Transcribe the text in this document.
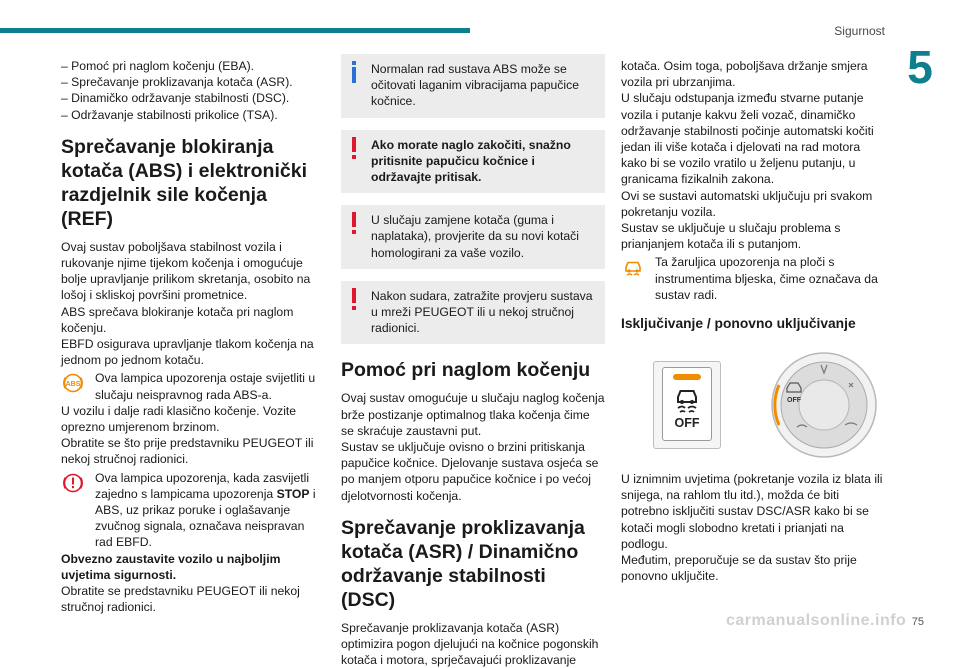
Sigurnost
5
– Pomoć pri naglom kočenju (EBA).
– Sprečavanje proklizavanja kotača (ASR).
– Dinamičko održavanje stabilnosti (DSC).
– Održavanje stabilnosti prikolice (TSA).
Sprečavanje blokiranja kotača (ABS) i elektronički razdjelnik sile kočenja (REF)

Ovaj sustav poboljšava stabilnost vozila i rukovanje njime tijekom kočenja i omogućuje bolje upravljanje prilikom skretanja, osobito na lošoj i skliskoj površini prometnice.

ABS sprečava blokiranje kotača pri naglom kočenju.

EBFD osigurava upravljanje tlakom kočenja na jednom po jednom kotaču.

ABS Ova lampica upozorenja ostaje svijetliti u slučaju neispravnog rada ABS-a.

U vozilu i dalje radi klasično kočenje. Vozite oprezno umjerenom brzinom.

Obratite se što prije predstavniku PEUGEOT ili nekoj stručnoj radionici.

Ova lampica upozorenja, kada zasvijetli zajedno s lampicama upozorenja STOP i ABS, uz prikaz poruke i oglašavanje zvučnog signala, označava neispravan rad EBFD.

Obvezno zaustavite vozilo u najboljim uvjetima sigurnosti.

Obratite se predstavniku PEUGEOT ili nekoj stručnoj radionici.

Normalan rad sustava ABS može se očitovati laganim vibracijama papučice kočnice.

Ako morate naglo zakočiti, snažno pritisnite papučicu kočnice i održavajte pritisak.

U slučaju zamjene kotača (guma i naplataka), provjerite da su novi kotači homologirani za vaše vozilo.

Nakon sudara, zatražite provjeru sustava u mreži PEUGEOT ili u nekoj stručnoj radionici.

Pomoć pri naglom kočenju

Ovaj sustav omogućuje u slučaju naglog kočenja brže postizanje optimalnog tlaka kočenja čime se skraćuje zaustavni put.

Sustav se uključuje ovisno o brzini pritiskanja papučice kočnice. Djelovanje sustava osjeća se po manjem otporu papučice kočnice i po većoj djelotvornosti kočenja.

Sprečavanje proklizavanja kotača (ASR) / Dinamično održavanje stabilnosti (DSC)

Sprečavanje proklizavanja kotača (ASR) optimizira pogon djelujući na kočnice pogonskih kotača i motora, sprječavajući proklizavanje

kotača. Osim toga, poboljšava držanje smjera vozila pri ubrzanjima.

U slučaju odstupanja između stvarne putanje vozila i putanje kakvu želi vozač, dinamičko održavanje stabilnosti počinje automatski kočiti jedan ili više kotača i djelovati na rad motora kako bi se vozilo vratilo u željenu putanju, u granicama fizikalnih zakona.

Ovi se sustavi automatski uključuju pri svakom pokretanju vozila.

Sustav se uključuje u slučaju problema s prianjanjem kotača ili s putanjom.

Ta žaruljica upozorenja na ploči s instrumentima bljeska, čime označava da sustav radi.
Isključivanje / ponovno uključivanje
OFF
OFF

U iznimnim uvjetima (pokretanje vozila iz blata ili snijega, na rahlom tlu itd.), možda će biti potrebno isključiti sustav DSC/ASR kako bi se kotači mogli slobodno kretati i prianjati na podlogu.

Međutim, preporučuje se da sustav što prije ponovno uključite.

carmanualsonline.info 75
